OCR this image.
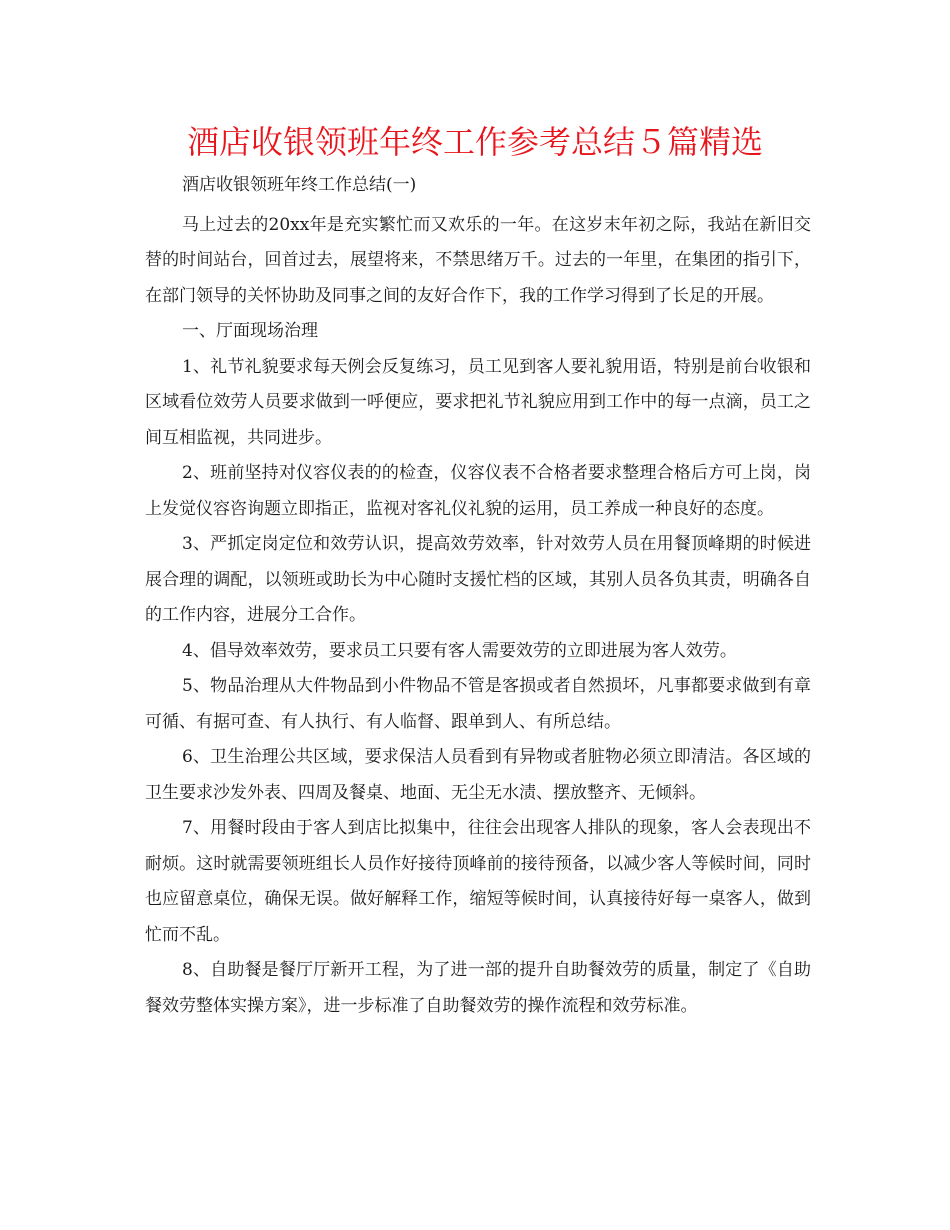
酒店收银领班年终工作参考总结５篇精选

酒店收银领班年终工作总结(一)

马上过去的20xx年是充实繁忙而又欢乐的一年。在这岁末年初之际，我站在新旧交替的时间站台，回首过去，展望将来，不禁思绪万千。过去的一年里，在集团的指引下，在部门领导的关怀协助及同事之间的友好合作下，我的工作学习得到了长足的开展。

一、厅面现场治理

1、礼节礼貌要求每天例会反复练习，员工见到客人要礼貌用语，特别是前台收银和区域看位效劳人员要求做到一呼便应，要求把礼节礼貌应用到工作中的每一点滴，员工之间互相监视，共同进步。

2、班前坚持对仪容仪表的的检查，仪容仪表不合格者要求整理合格后方可上岗，岗上发觉仪容咨询题立即指正，监视对客礼仪礼貌的运用，员工养成一种良好的态度。

3、严抓定岗定位和效劳认识，提高效劳效率，针对效劳人员在用餐顶峰期的时候进展合理的调配，以领班或助长为中心随时支援忙档的区域，其别人员各负其责，明确各自的工作内容，进展分工合作。

4、倡导效率效劳，要求员工只要有客人需要效劳的立即进展为客人效劳。

5、物品治理从大件物品到小件物品不管是客损或者自然损坏，凡事都要求做到有章可循、有据可查、有人执行、有人临督、跟单到人、有所总结。

6、卫生治理公共区域，要求保洁人员看到有异物或者脏物必须立即清洁。各区域的卫生要求沙发外表、四周及餐桌、地面、无尘无水渍、摆放整齐、无倾斜。

7、用餐时段由于客人到店比拟集中，往往会出现客人排队的现象，客人会表现出不耐烦。这时就需要领班组长人员作好接待顶峰前的接待预备，以减少客人等候时间，同时也应留意桌位，确保无误。做好解释工作，缩短等候时间，认真接待好每一桌客人，做到忙而不乱。

8、自助餐是餐厅厅新开工程，为了进一部的提升自助餐效劳的质量，制定了《自助餐效劳整体实操方案》，进一步标准了自助餐效劳的操作流程和效劳标准。
